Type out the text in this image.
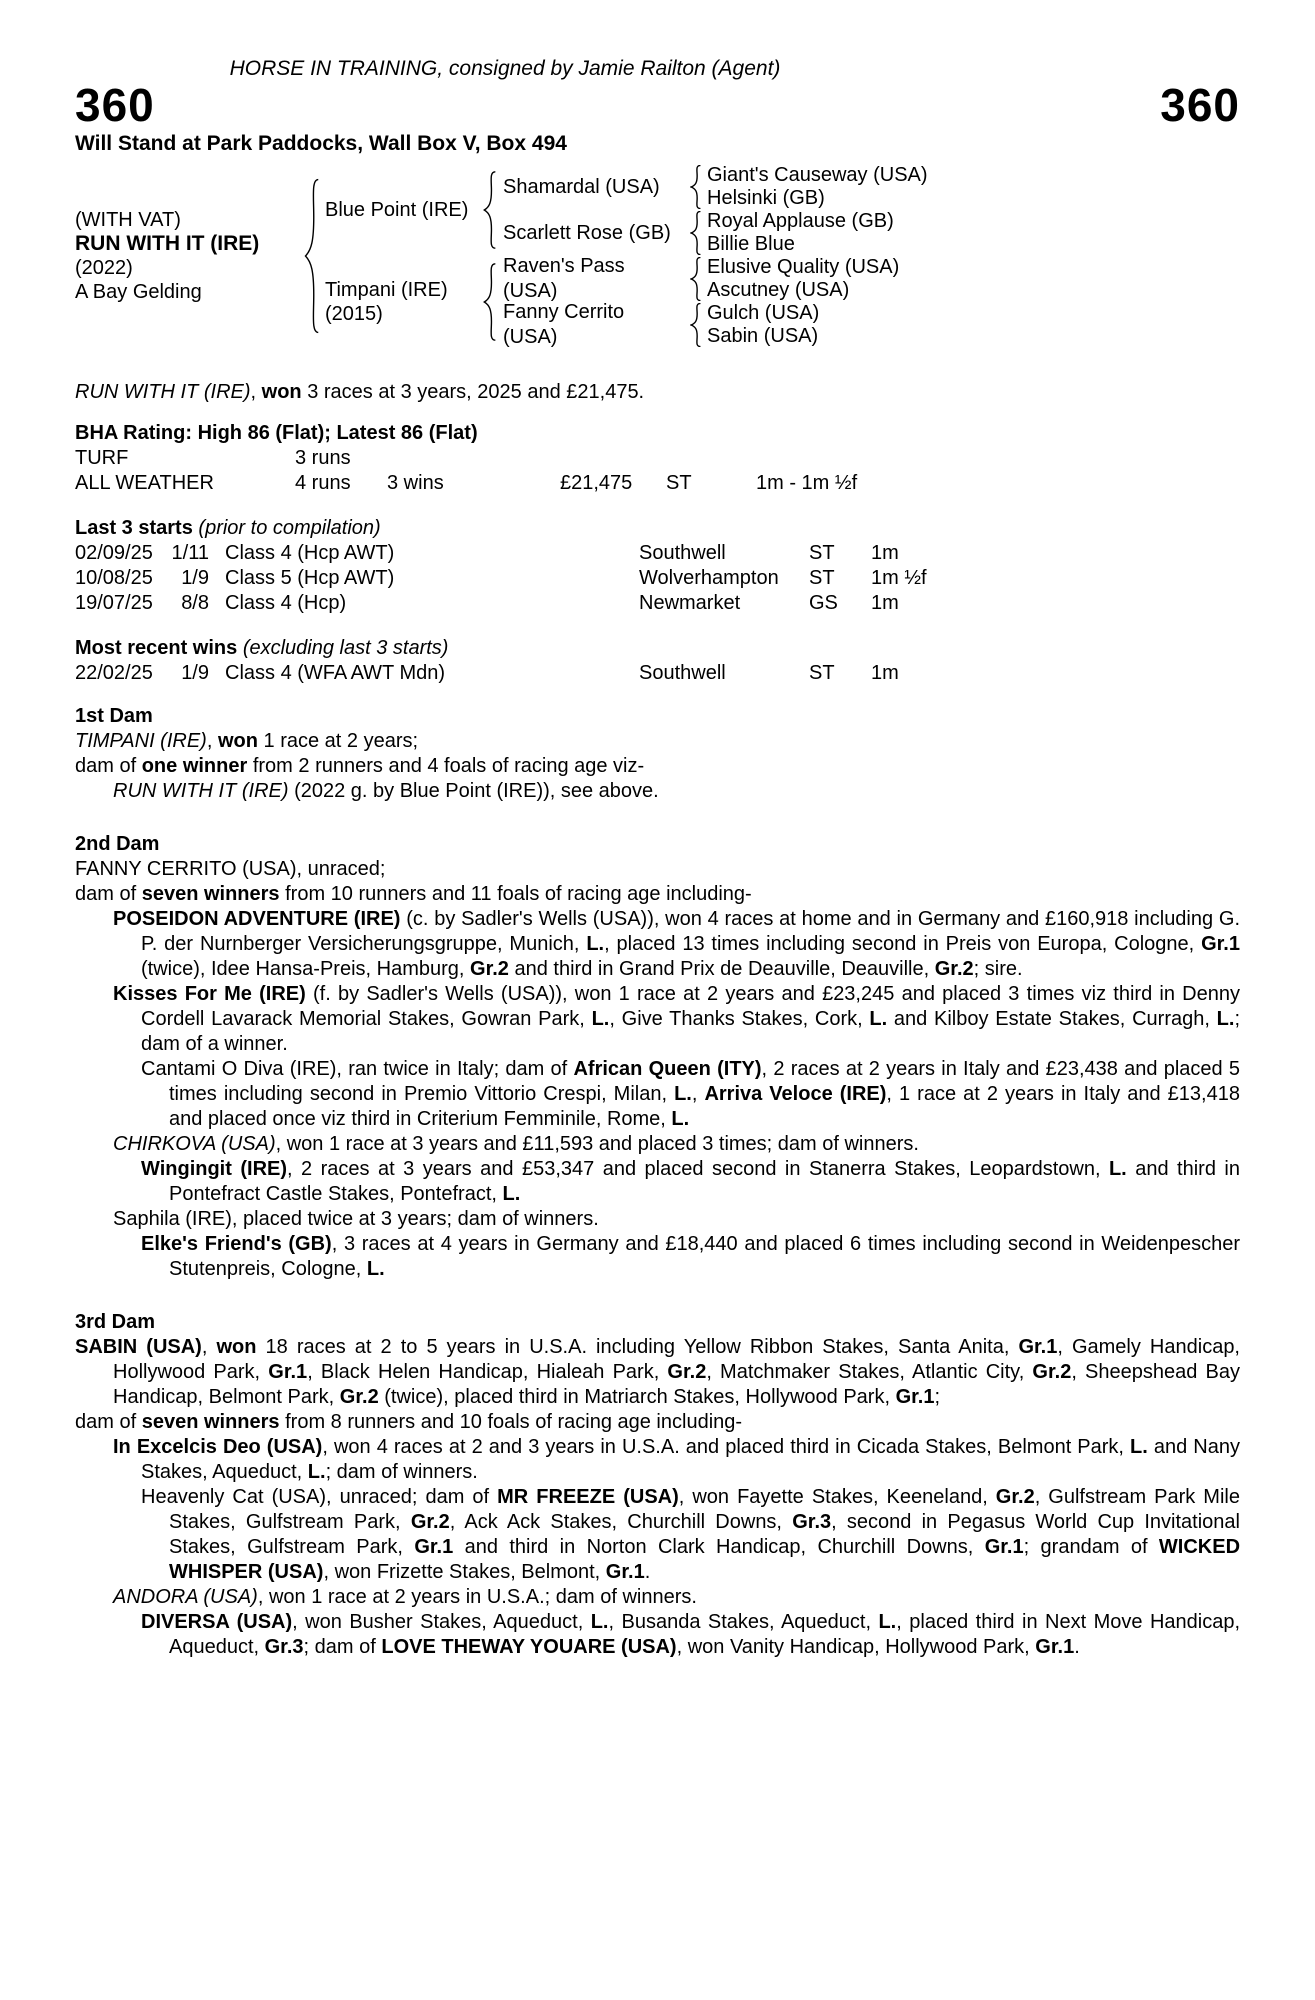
HORSE IN TRAINING, consigned by Jamie Railton (Agent)
360	360
Will Stand at Park Paddocks, Wall Box V, Box 494
(WITH VAT)
RUN WITH IT (IRE)
(2022)
A Bay Gelding
Blue Point (IRE)
Shamardal (USA)
Giant's Causeway (USA)
Helsinki (GB)
Scarlett Rose (GB)
Royal Applause (GB)
Billie Blue
Timpani (IRE)
(2015)
Raven's Pass (USA)
Elusive Quality (USA)
Ascutney (USA)
Fanny Cerrito (USA)
Gulch (USA)
Sabin (USA)
RUN WITH IT (IRE), won 3 races at 3 years, 2025 and £21,475.
BHA Rating: High 86 (Flat); Latest 86 (Flat)
TURF	3 runs
ALL WEATHER	4 runs	3 wins	£21,475	ST	1m - 1m ½f
Last 3 starts (prior to compilation)
02/09/25 1/11 Class 4 (Hcp AWT)	Southwell	ST	1m
10/08/25	1/9 Class 5 (Hcp AWT)	Wolverhampton	ST	1m ½f
19/07/25	8/8 Class 4 (Hcp)	Newmarket	GS	1m
Most recent wins (excluding last 3 starts)
22/02/25	1/9 Class 4 (WFA AWT Mdn)	Southwell	ST	1m
1st Dam
TIMPANI (IRE), won 1 race at 2 years;
dam of one winner from 2 runners and 4 foals of racing age viz-
RUN WITH IT (IRE) (2022 g. by Blue Point (IRE)), see above.
2nd Dam
FANNY CERRITO (USA), unraced;
dam of seven winners from 10 runners and 11 foals of racing age including-
POSEIDON ADVENTURE (IRE) (c. by Sadler's Wells (USA)), won 4 races at home and in Germany and £160,918 including G. P. der Nurnberger Versicherungsgruppe, Munich, L., placed 13 times including second in Preis von Europa, Cologne, Gr.1 (twice), Idee Hansa-Preis, Hamburg, Gr.2 and third in Grand Prix de Deauville, Deauville, Gr.2; sire.
Kisses For Me (IRE) (f. by Sadler's Wells (USA)), won 1 race at 2 years and £23,245 and placed 3 times viz third in Denny Cordell Lavarack Memorial Stakes, Gowran Park, L., Give Thanks Stakes, Cork, L. and Kilboy Estate Stakes, Curragh, L.; dam of a winner.
Cantami O Diva (IRE), ran twice in Italy; dam of African Queen (ITY), 2 races at 2 years in Italy and £23,438 and placed 5 times including second in Premio Vittorio Crespi, Milan, L., Arriva Veloce (IRE), 1 race at 2 years in Italy and £13,418 and placed once viz third in Criterium Femminile, Rome, L.
CHIRKOVA (USA), won 1 race at 3 years and £11,593 and placed 3 times; dam of winners.
Wingingit (IRE), 2 races at 3 years and £53,347 and placed second in Stanerra Stakes, Leopardstown, L. and third in Pontefract Castle Stakes, Pontefract, L.
Saphila (IRE), placed twice at 3 years; dam of winners.
Elke's Friend's (GB), 3 races at 4 years in Germany and £18,440 and placed 6 times including second in Weidenpescher Stutenpreis, Cologne, L.
3rd Dam
SABIN (USA), won 18 races at 2 to 5 years in U.S.A. including Yellow Ribbon Stakes, Santa Anita, Gr.1, Gamely Handicap, Hollywood Park, Gr.1, Black Helen Handicap, Hialeah Park, Gr.2, Matchmaker Stakes, Atlantic City, Gr.2, Sheepshead Bay Handicap, Belmont Park, Gr.2 (twice), placed third in Matriarch Stakes, Hollywood Park, Gr.1;
dam of seven winners from 8 runners and 10 foals of racing age including-
In Excelcis Deo (USA), won 4 races at 2 and 3 years in U.S.A. and placed third in Cicada Stakes, Belmont Park, L. and Nany Stakes, Aqueduct, L.; dam of winners.
Heavenly Cat (USA), unraced; dam of MR FREEZE (USA), won Fayette Stakes, Keeneland, Gr.2, Gulfstream Park Mile Stakes, Gulfstream Park, Gr.2, Ack Ack Stakes, Churchill Downs, Gr.3, second in Pegasus World Cup Invitational Stakes, Gulfstream Park, Gr.1 and third in Norton Clark Handicap, Churchill Downs, Gr.1; grandam of WICKED WHISPER (USA), won Frizette Stakes, Belmont, Gr.1.
ANDORA (USA), won 1 race at 2 years in U.S.A.; dam of winners.
DIVERSA (USA), won Busher Stakes, Aqueduct, L., Busanda Stakes, Aqueduct, L., placed third in Next Move Handicap, Aqueduct, Gr.3; dam of LOVE THEWAY YOUARE (USA), won Vanity Handicap, Hollywood Park, Gr.1.
